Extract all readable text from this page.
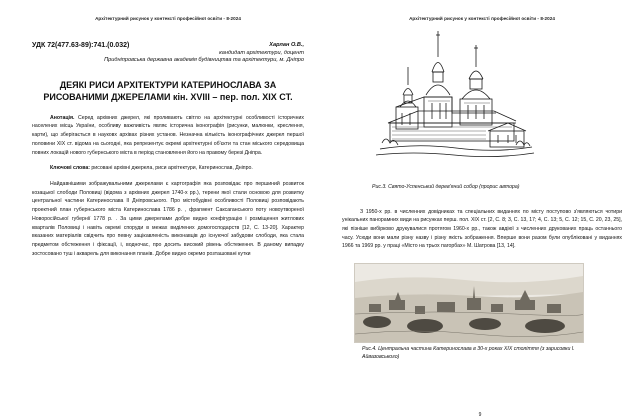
Архітектурний рисунок у контексті професійної освіти - 8-2024
УДК 72(477.63-89):741.(0.032)	Харлан О.В.,
кандидат архітектури, доцент
Придніпровська державна академія будівництва та архітектури, м. Дніпро
ДЕЯКІ РИСИ АРХІТЕКТУРИ КАТЕРИНОСЛАВА ЗА РИСОВАНИМИ ДЖЕРЕЛАМИ кін. XVIII – пер. пол. XIX СТ.

Анотація. Серед архівних джерел, які проливають світло на архітектурні особливості історичних населених місць України, особливу важливість являє історична іконографія (рисунки, малюнки, креслення, карти), що зберігається в науковх архівах різних установ. Незначна кількість іконографічних джерел першої половини XIX ст. відома на сьогодні, яка репрезентує окремі архітектурні об'єкти та стан міського середовища повних локацій нового губернського міста в період становлення його на правому березі Дніпра.

Ключові слова: рисовані архівні джерела, риси архітектури, Катеринослав, Дніпро.

Найдавнішими зображувальними джерелами є картографія яка розповідає про першиний розвиток козацької слободи Половиці (відома з архівних джерел 1740-х рр.), терени якої стали основою для розвитку центральної частини Катеринослава II Дніпровського. Про містобудівні особливості Половиці розповідають проектний план губернського міста Катеринослава 1786 р. , фрагмент Саксаганського поту новоутвореної Новоросійської губернії 1778 р. . За цими джерелами добре видно конфігурацію і розміщення житлових кварталів Половиці і навіть окремі споруди в межах виділених домогосподарств [12, С. 13-20]. Характер вказаних матеріалів свідчить про певну зацікавленість виконавців до існуючої забудови слободи, яка стала предметом обстеження і фіксації, і, водночас, про досить високий рівень обстеження. В даному випадку зостосовано туш і акварель для виконання планів. Добре видно окремо розташовані кутки

Архітектурний рисунок у контексті професійної освіти - 8-2024
Рис.3. Свято-Успенський дерев'яний собор (прорис автора)

З 1950-х рр. в численних довідниках та спеціальних виданнях по місту поступово з'являються чотири унікальних панорамних види на рисунках перш. пол. XIX ст. [2, С. 8; 3, С. 13, 17; 4, С. 13; 5, С. 12; 15, С. 20, 23, 25], які пізніше вибірково друкувалися протягом 1960-х рр., також авдіюї з численних друкованих праць останнього часу. Усюди вони мали різну назву і різну якість зображення. Вперше вони разом були опубліковані у виданнях 1966 та 1969 рр. у праці «Місто на трьох пагорбах» М. Шатрова [13, 14].

Рис.4. Центральна частина Катеринослава в 30-х роках XIX століття (з зарисовки І. Айвазовського)
9
